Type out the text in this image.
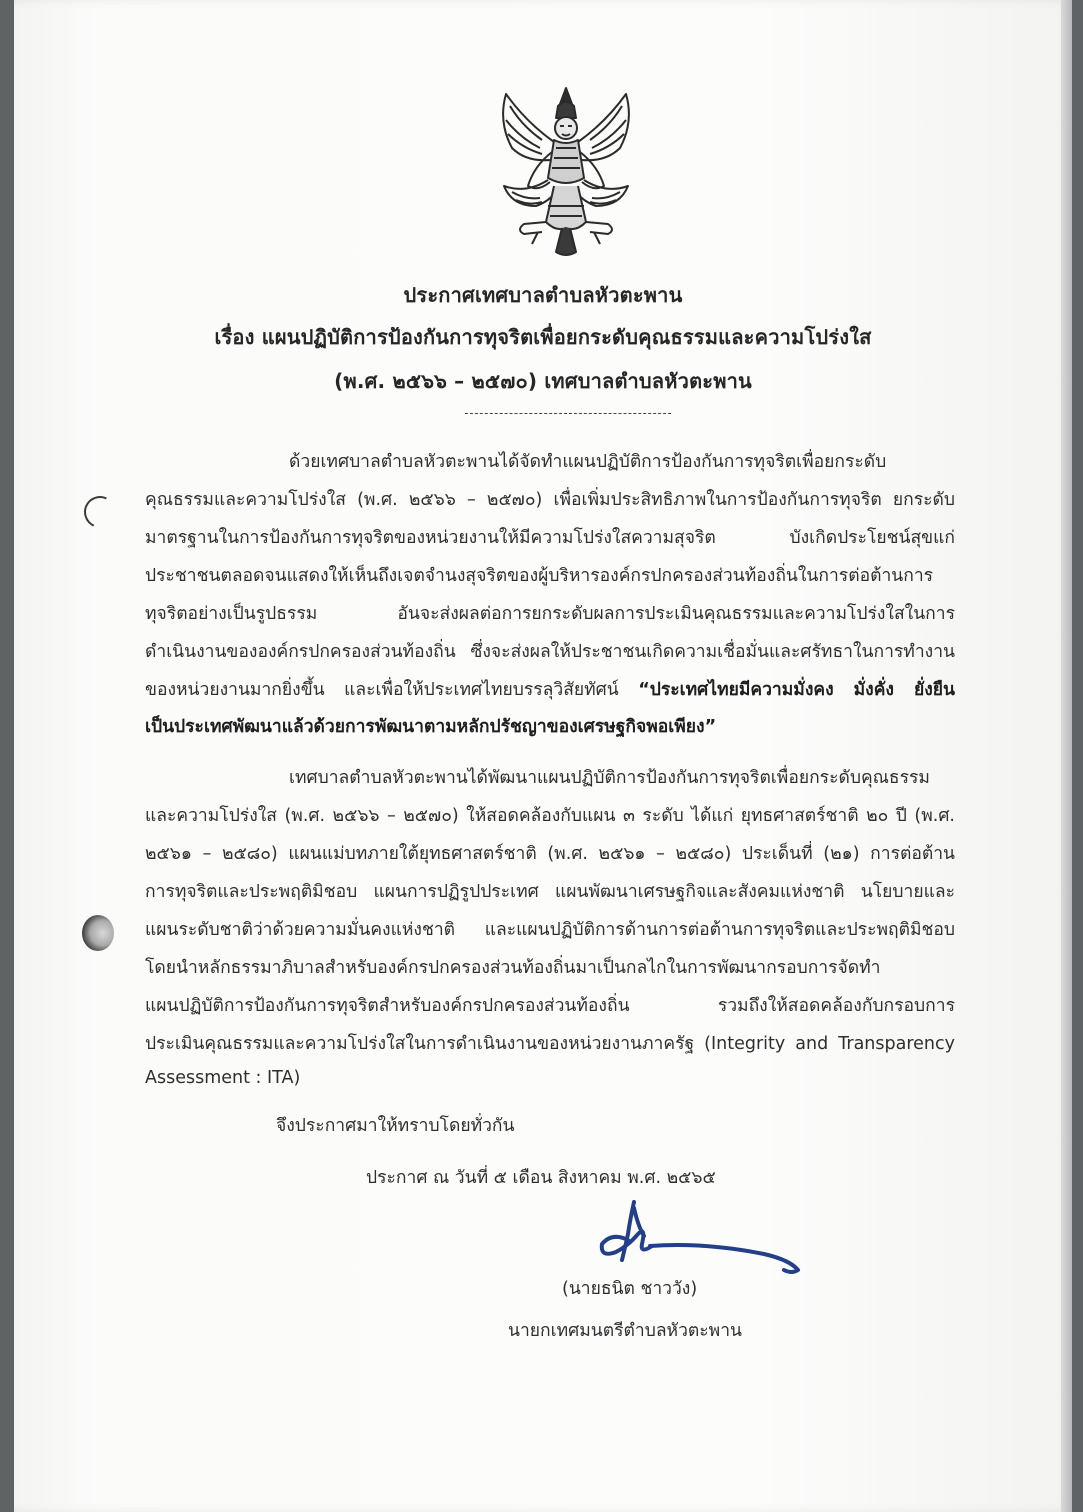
ประกาศเทศบาลตำบลหัวตะพาน
เรื่อง แผนปฏิบัติการป้องกันการทุจริตเพื่อยกระดับคุณธรรมและความโปร่งใส
(พ.ศ. ๒๕๖๖ – ๒๕๗๐) เทศบาลตำบลหัวตะพาน
ด้วยเทศบาลตำบลหัวตะพานได้จัดทำแผนปฏิบัติการป้องกันการทุจริตเพื่อยกระดับ
คุณธรรมและความโปร่งใส (พ.ศ. ๒๕๖๖ – ๒๕๗๐) เพื่อเพิ่มประสิทธิภาพในการป้องกันการทุจริต ยกระดับ
มาตรฐานในการป้องกันการทุจริตของหน่วยงานให้มีความโปร่งใสความสุจริต บังเกิดประโยชน์สุขแก่
ประชาชนตลอดจนแสดงให้เห็นถึงเจตจำนงสุจริตของผู้บริหารองค์กรปกครองส่วนท้องถิ่นในการต่อต้านการ
ทุจริตอย่างเป็นรูปธรรม อันจะส่งผลต่อการยกระดับผลการประเมินคุณธรรมและความโปร่งใสในการ
ดำเนินงานขององค์กรปกครองส่วนท้องถิ่น ซึ่งจะส่งผลให้ประชาชนเกิดความเชื่อมั่นและศรัทธาในการทำงาน
ของหน่วยงานมากยิ่งขึ้น และเพื่อให้ประเทศไทยบรรลุวิสัยทัศน์ “ประเทศไทยมีความมั่งคง มั่งคั่ง ยั่งยืน
เป็นประเทศพัฒนาแล้วด้วยการพัฒนาตามหลักปรัชญาของเศรษฐกิจพอเพียง”
เทศบาลตำบลหัวตะพานได้พัฒนาแผนปฏิบัติการป้องกันการทุจริตเพื่อยกระดับคุณธรรม
และความโปร่งใส (พ.ศ. ๒๕๖๖ – ๒๕๗๐) ให้สอดคล้องกับแผน ๓ ระดับ ได้แก่ ยุทธศาสตร์ชาติ ๒๐ ปี (พ.ศ.
๒๕๖๑ – ๒๕๘๐) แผนแม่บทภายใต้ยุทธศาสตร์ชาติ (พ.ศ. ๒๕๖๑ – ๒๕๘๐) ประเด็นที่ (๒๑) การต่อต้าน
การทุจริตและประพฤติมิชอบ แผนการปฏิรูปประเทศ แผนพัฒนาเศรษฐกิจและสังคมแห่งชาติ นโยบายและ
แผนระดับชาติว่าด้วยความมั่นคงแห่งชาติ และแผนปฏิบัติการด้านการต่อต้านการทุจริตและประพฤติมิชอบ
โดยนำหลักธรรมาภิบาลสำหรับองค์กรปกครองส่วนท้องถิ่นมาเป็นกลไกในการพัฒนากรอบการจัดทำ
แผนปฏิบัติการป้องกันการทุจริตสำหรับองค์กรปกครองส่วนท้องถิ่น รวมถึงให้สอดคล้องกับกรอบการ
ประเมินคุณธรรมและความโปร่งใสในการดำเนินงานของหน่วยงานภาครัฐ (Integrity and Transparency
Assessment : ITA)
จึงประกาศมาให้ทราบโดยทั่วกัน
ประกาศ ณ วันที่ ๕ เดือน สิงหาคม พ.ศ. ๒๕๖๕
(นายธนิต ชาววัง)
นายกเทศมนตรีตำบลหัวตะพาน
